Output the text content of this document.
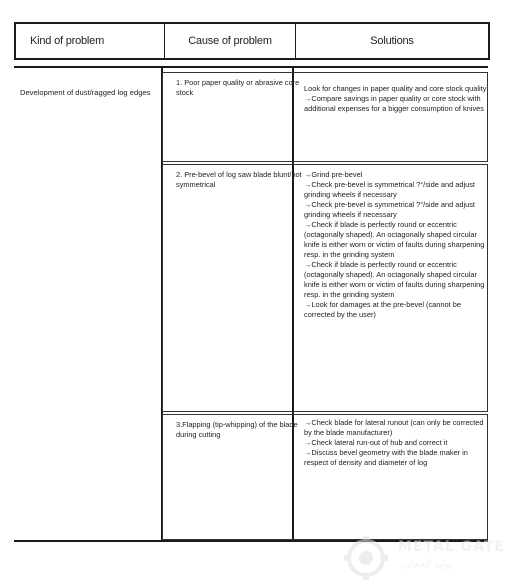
Kind of problem	Cause of problem	Solutions
Development of dust/ragged log edges
1. Poor paper quality or abrasive core stock
2. Pre-bevel of log saw blade blunt/not symmetrical
3.Flapping (tip-whipping) of the blade during cutting
Look for changes in paper quality and core stock quality
→Compare savings in paper quality or core stock with additional expenses for a bigger consumption of knives
→Grind pre-bevel
→Check pre-bevel is symmetrical ?°/side and adjust grinding wheels if necessary
→Check pre-bevel is symmetrical ?°/side and adjust grinding wheels if necessary
→Check if blade is perfectly round or eccentric (octagonally shaped). An octagonally shaped circular knife is either worn or victim of faults during sharpening resp. in the grinding system
→Check if blade is perfectly round or eccentric (octagonally shaped). An octagonally shaped circular knife is either worn or victim of faults during sharpening resp. in the grinding system
→Look for damages at the pre-bevel (cannot be corrected by the user)
→Check blade for lateral runout (can only be corrected by the blade manufacturer)
→Check lateral run-out of hub and correct it
→Discuss bevel geometry with the blade maker in respect of density and diameter of log
METAL GATE
بوابة المعادن
